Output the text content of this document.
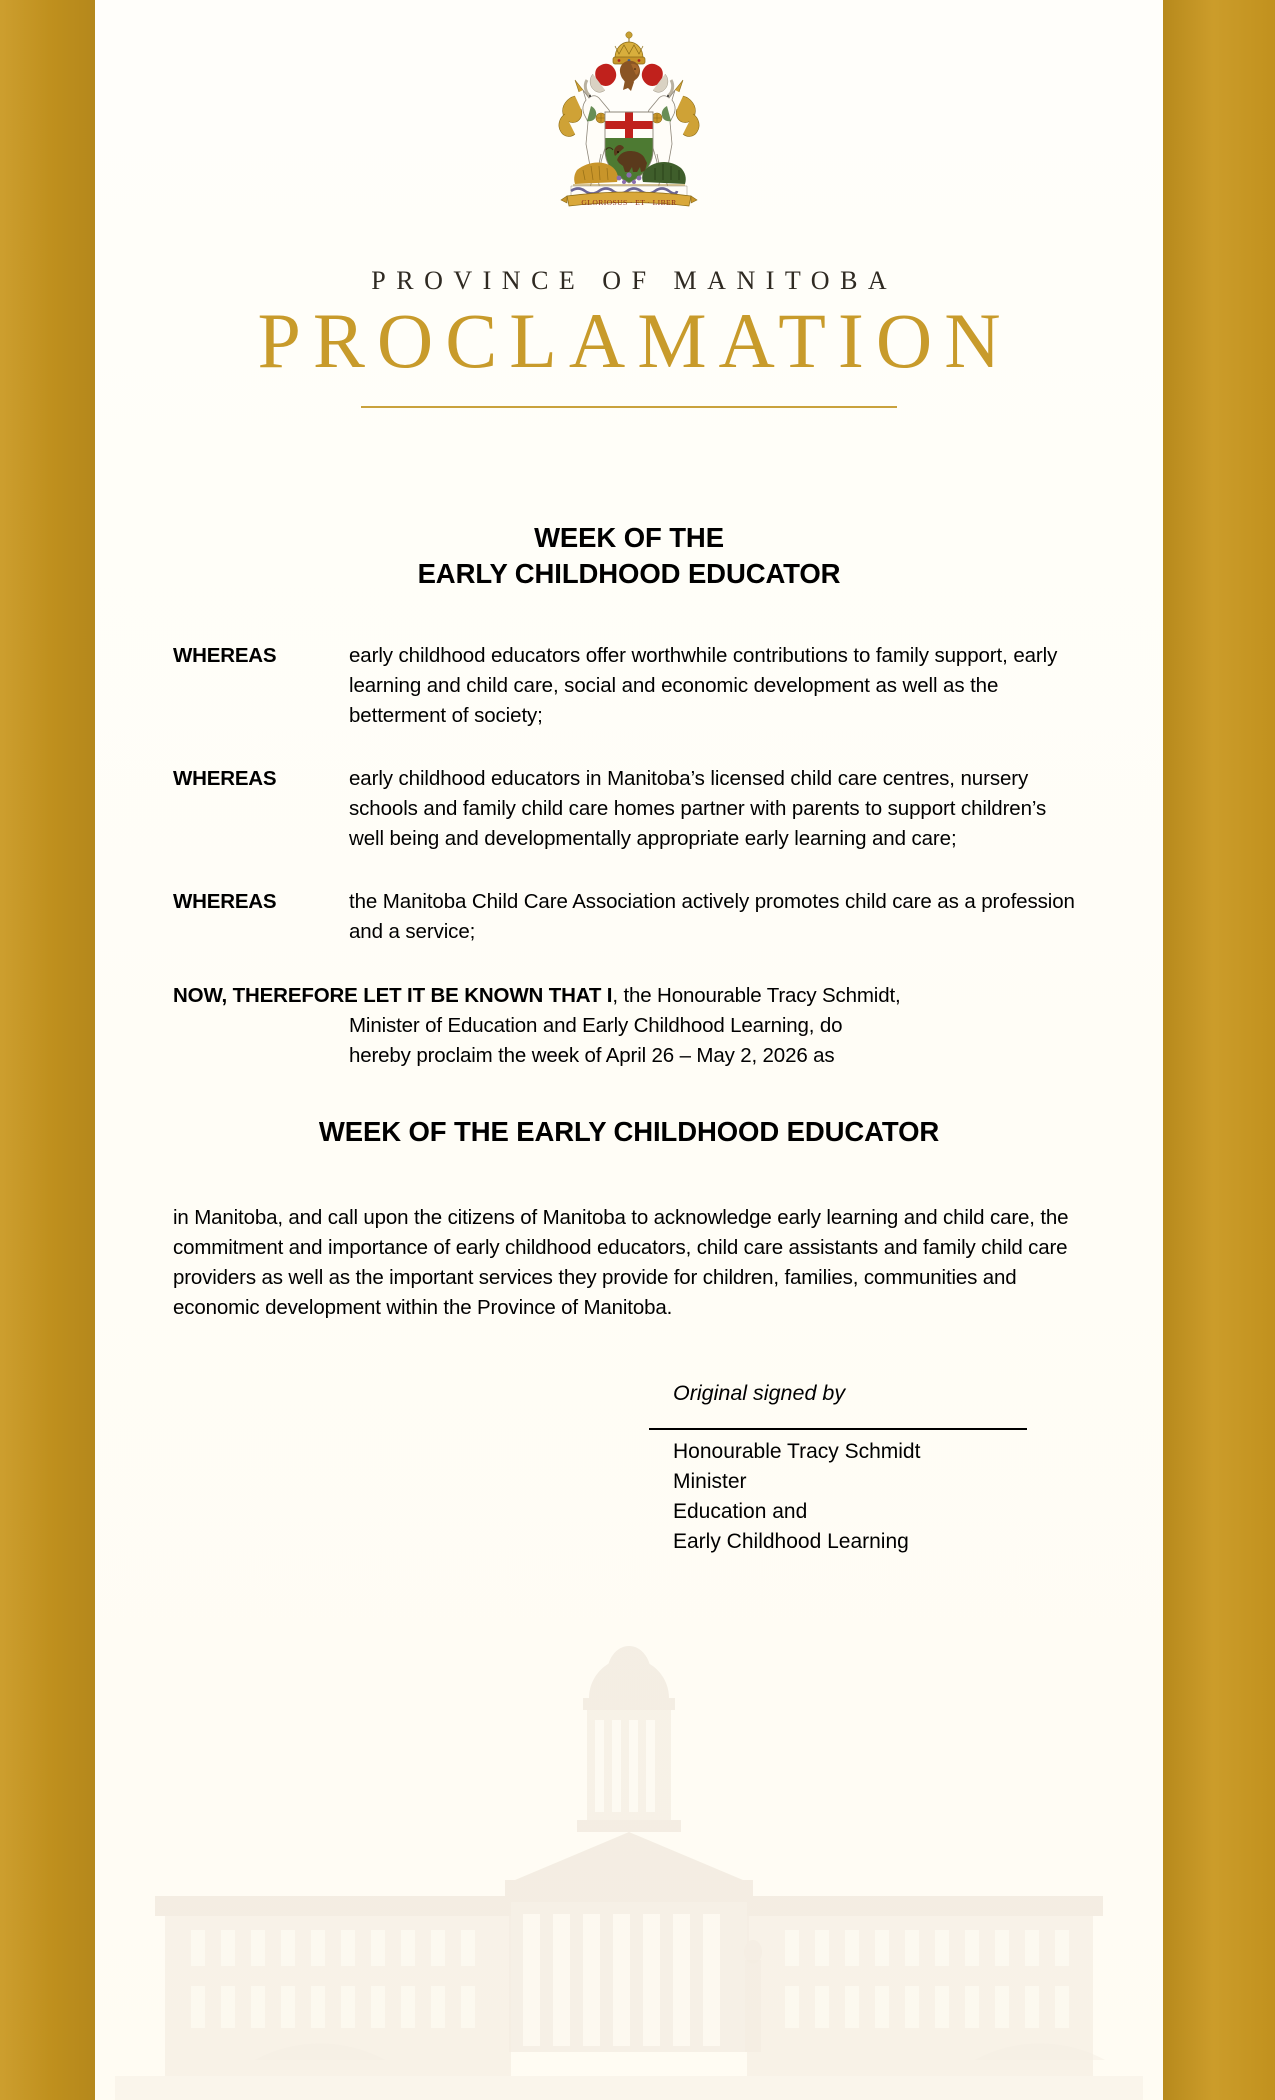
GLORIOSUS · ET · LIBER
PROVINCE OF MANITOBA
PROCLAMATION
WEEK OF THE
EARLY CHILDHOOD EDUCATOR
WHEREAS	early childhood educators offer worthwhile contributions to family support, early learning and child care, social and economic development as well as the betterment of society;
WHEREAS	early childhood educators in Manitoba’s licensed child care centres, nursery schools and family child care homes partner with parents to support children’s well being and developmentally appropriate early learning and care;
WHEREAS	the Manitoba Child Care Association actively promotes child care as a profession and a service;
NOW, THEREFORE LET IT BE KNOWN THAT I, the Honourable Tracy Schmidt,
Minister of Education and Early Childhood Learning, do
hereby proclaim the week of April 26 – May 2, 2026 as
WEEK OF THE EARLY CHILDHOOD EDUCATOR
in Manitoba, and call upon the citizens of Manitoba to acknowledge early learning and child care, the commitment and importance of early childhood educators, child care assistants and family child care providers as well as the important services they provide for children, families, communities and economic development within the Province of Manitoba.
Original signed by
Honourable Tracy Schmidt
Minister
Education and
Early Childhood Learning
